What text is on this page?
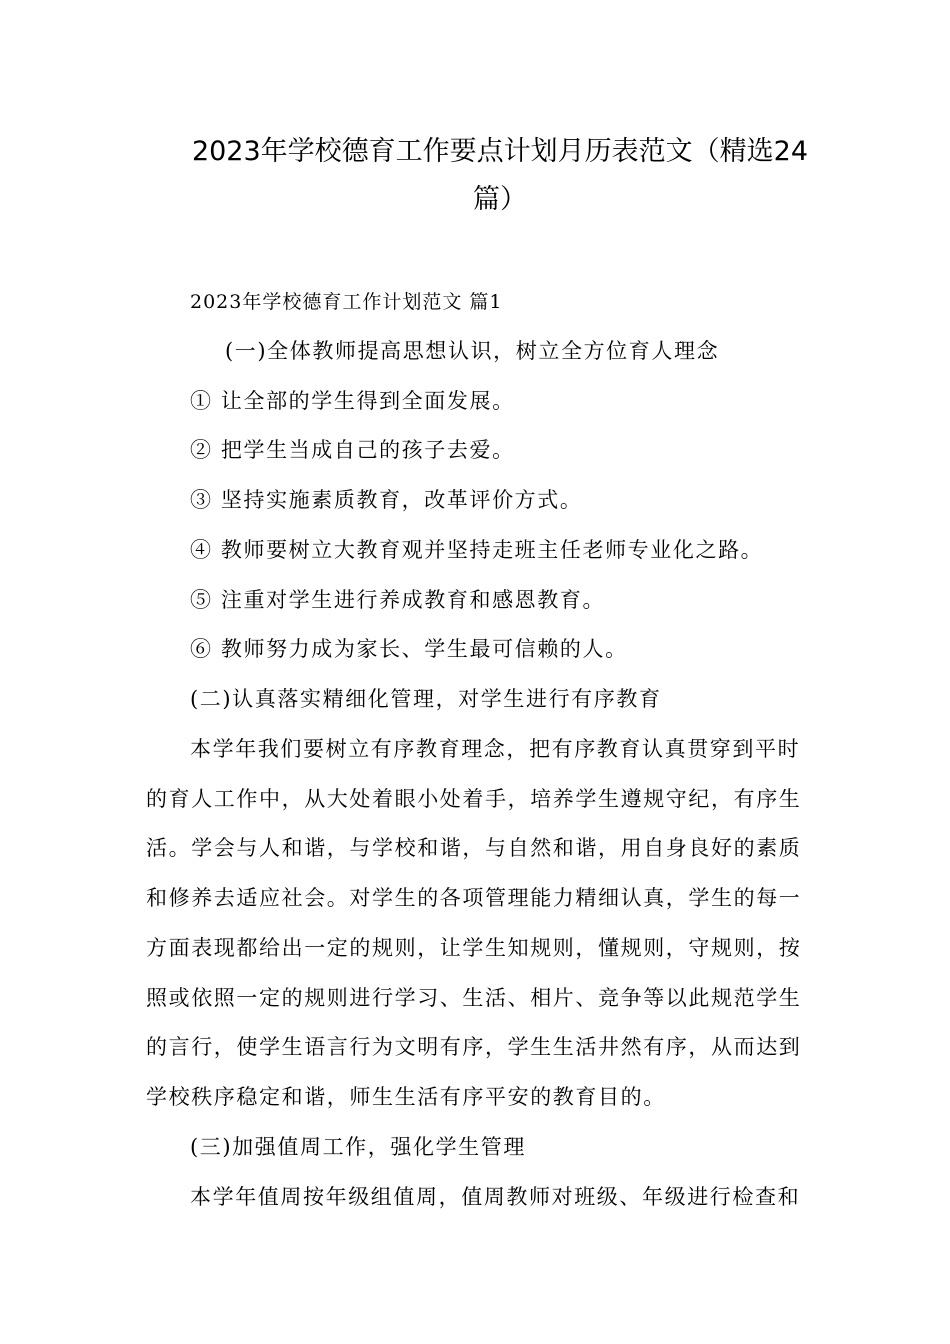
2023年学校德育工作要点计划月历表范文（精选24
篇）
2023年学校德育工作计划范文 篇1
(一)全体教师提高思想认识，树立全方位育人理念
① 让全部的学生得到全面发展。
② 把学生当成自己的孩子去爱。
③ 坚持实施素质教育，改革评价方式。
④ 教师要树立大教育观并坚持走班主任老师专业化之路。
⑤ 注重对学生进行养成教育和感恩教育。
⑥ 教师努力成为家长、学生最可信赖的人。
(二)认真落实精细化管理，对学生进行有序教育
本学年我们要树立有序教育理念，把有序教育认真贯穿到平时
的育人工作中，从大处着眼小处着手，培养学生遵规守纪，有序生
活。学会与人和谐，与学校和谐，与自然和谐，用自身良好的素质
和修养去适应社会。对学生的各项管理能力精细认真，学生的每一
方面表现都给出一定的规则，让学生知规则，懂规则，守规则，按
照或依照一定的规则进行学习、生活、相片、竞争等以此规范学生
的言行，使学生语言行为文明有序，学生生活井然有序，从而达到
学校秩序稳定和谐，师生生活有序平安的教育目的。
(三)加强值周工作，强化学生管理
本学年值周按年级组值周，值周教师对班级、年级进行检查和
